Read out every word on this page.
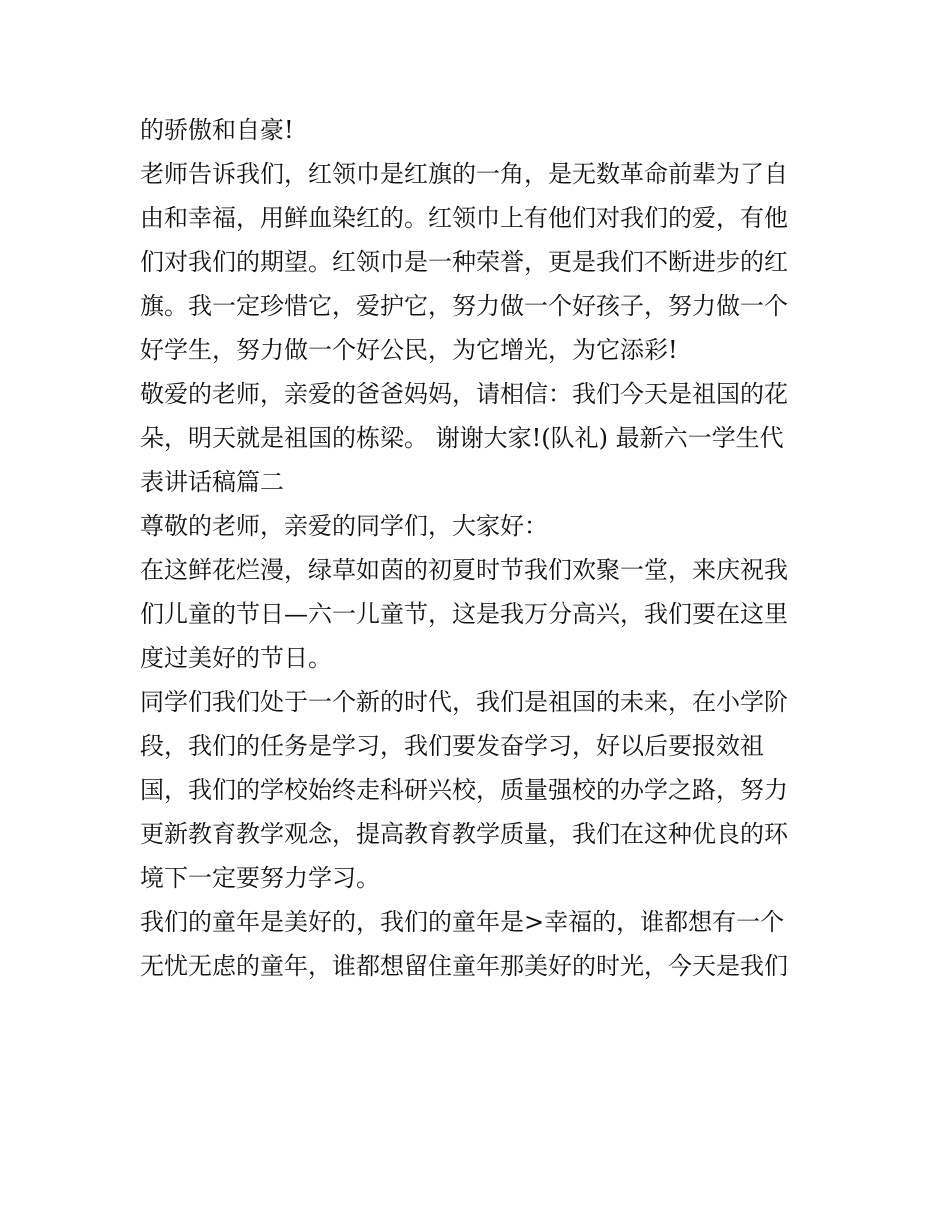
的骄傲和自豪!
老师告诉我们，红领巾是红旗的一角，是无数革命前辈为了自
由和幸福，用鲜血染红的。红领巾上有他们对我们的爱，有他
们对我们的期望。红领巾是一种荣誉，更是我们不断进步的红
旗。我一定珍惜它，爱护它，努力做一个好孩子，努力做一个
好学生，努力做一个好公民，为它增光，为它添彩!
敬爱的老师，亲爱的爸爸妈妈，请相信：我们今天是祖国的花
朵，明天就是祖国的栋梁。 谢谢大家!(队礼) 最新六一学生代
表讲话稿篇二
尊敬的老师，亲爱的同学们，大家好：
在这鲜花烂漫，绿草如茵的初夏时节我们欢聚一堂，来庆祝我
们儿童的节日—六一儿童节，这是我万分高兴，我们要在这里
度过美好的节日。
同学们我们处于一个新的时代，我们是祖国的未来，在小学阶
段，我们的任务是学习，我们要发奋学习，好以后要报效祖
国，我们的学校始终走科研兴校，质量强校的办学之路，努力
更新教育教学观念，提高教育教学质量，我们在这种优良的环
境下一定要努力学习。
我们的童年是美好的，我们的童年是>幸福的，谁都想有一个
无忧无虑的童年，谁都想留住童年那美好的时光，今天是我们
